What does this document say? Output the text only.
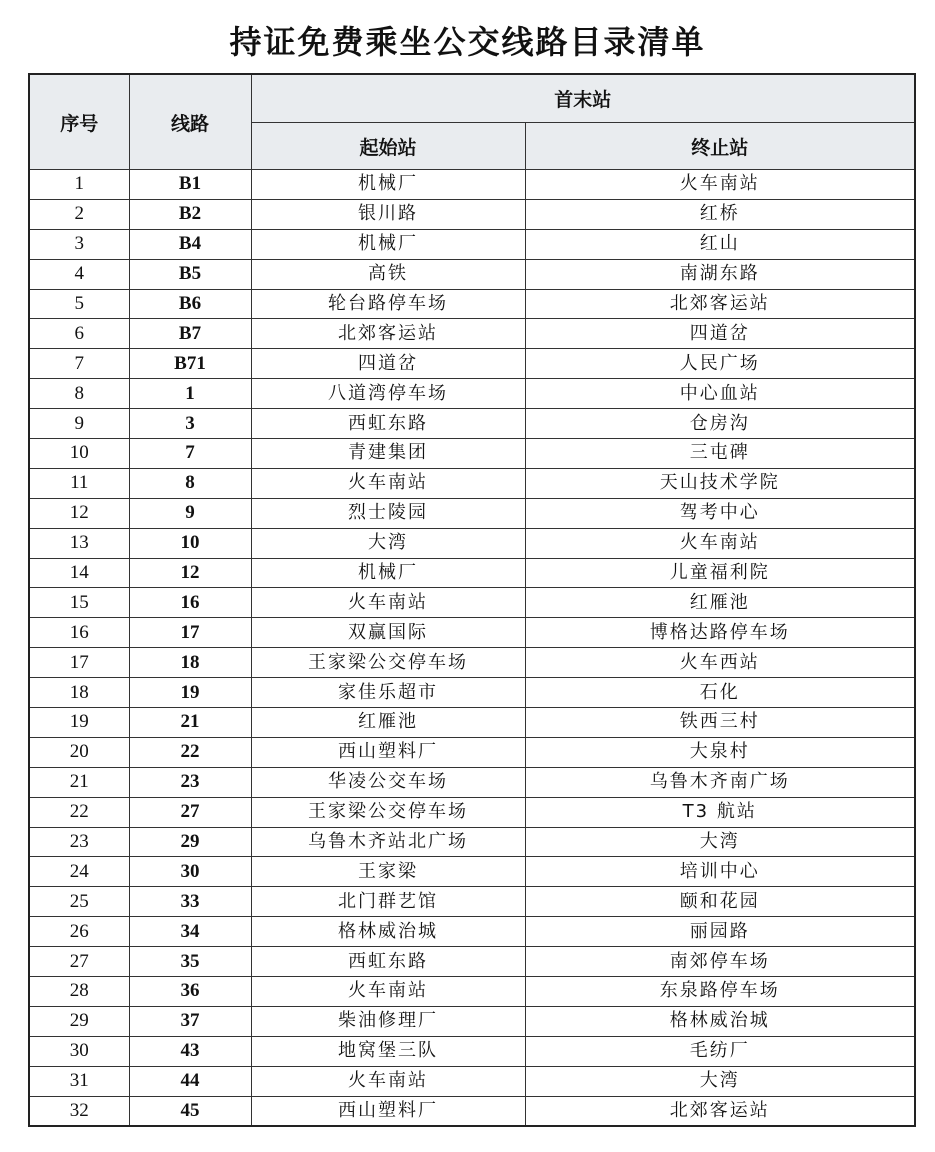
持证免费乘坐公交线路目录清单
序号	线路	首末站	
		起始站	终止站
1	B1	机械厂	火车南站
2	B2	银川路	红桥
3	B4	机械厂	红山
4	B5	高铁	南湖东路
5	B6	轮台路停车场	北郊客运站
6	B7	北郊客运站	四道岔
7	B71	四道岔	人民广场
8	1	八道湾停车场	中心血站
9	3	西虹东路	仓房沟
10	7	青建集团	三屯碑
11	8	火车南站	天山技术学院
12	9	烈士陵园	驾考中心
13	10	大湾	火车南站
14	12	机械厂	儿童福利院
15	16	火车南站	红雁池
16	17	双赢国际	博格达路停车场
17	18	王家梁公交停车场	火车西站
18	19	家佳乐超市	石化
19	21	红雁池	铁西三村
20	22	西山塑料厂	大泉村
21	23	华凌公交车场	乌鲁木齐南广场
22	27	王家梁公交停车场	T3 航站
23	29	乌鲁木齐站北广场	大湾
24	30	王家梁	培训中心
25	33	北门群艺馆	颐和花园
26	34	格林威治城	丽园路
27	35	西虹东路	南郊停车场
28	36	火车南站	东泉路停车场
29	37	柴油修理厂	格林威治城
30	43	地窝堡三队	毛纺厂
31	44	火车南站	大湾
32	45	西山塑料厂	北郊客运站
